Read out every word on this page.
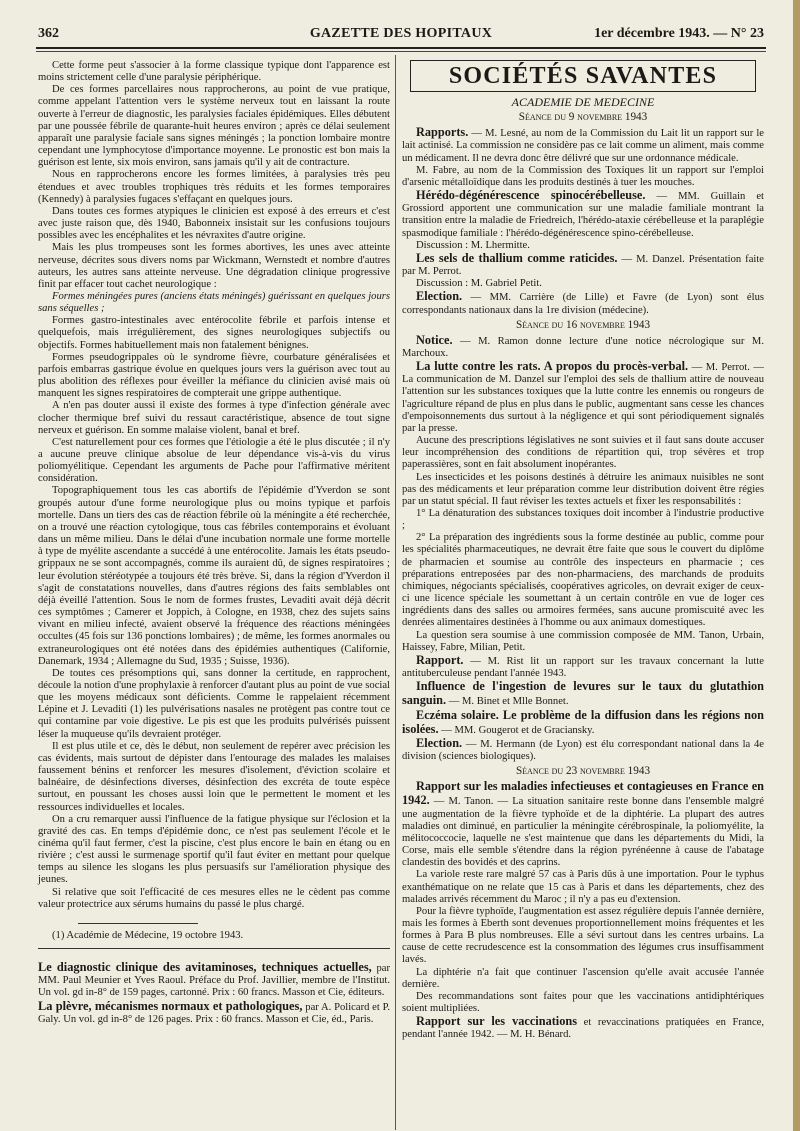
362	GAZETTE DES HOPITAUX	1er décembre 1943. — N° 23

Cette forme peut s'associer à la forme classique typique dont l'apparence est moins strictement celle d'une paralysie périphérique.

De ces formes parcellaires nous rapprocherons, au point de vue pratique, comme appelant l'attention vers le système nerveux tout en laissant la route ouverte à l'erreur de diagnostic, les paralysies faciales épidémiques. Elles débutent par une poussée fébrile de quarante-huit heures environ ; après ce délai seulement apparaît une paralysie faciale sans signes méningés ; la ponction lombaire montre cependant une lymphocytose d'importance moyenne. Le pronostic est bon mais la guérison est lente, six mois environ, sans jamais qu'il y ait de contracture.

Nous en rapprocherons encore les formes limitées, à paralysies très peu étendues et avec troubles trophiques très réduits et les formes temporaires (Kennedy) à paralysies fugaces s'effaçant en quelques jours.

Dans toutes ces formes atypiques le clinicien est exposé à des erreurs et c'est avec juste raison que, dès 1940, Babonneix insistait sur les confusions toujours possibles avec les encéphalites et les névraxites d'autre origine.

Mais les plus trompeuses sont les formes abortives, les unes avec atteinte nerveuse, décrites sous divers noms par Wickmann, Wernstedt et nombre d'autres auteurs, les autres sans atteinte nerveuse. Une dégradation clinique progressive finit par effacer tout cachet neurologique :

Formes méningées pures (anciens états méningés) guérissant en quelques jours sans séquelles ;

Formes gastro-intestinales avec entérocolite fébrile et parfois intense et quelquefois, mais irrégulièrement, des signes neurologiques subjectifs ou objectifs. Formes habituellement mais non fatalement bénignes.

Formes pseudogrippales où le syndrome fièvre, courbature généralisées et parfois embarras gastrique évolue en quelques jours vers la guérison avec tout au plus abolition des réflexes pour éveiller la méfiance du clinicien avisé mais où manquent les signes respiratoires de compterait une grippe authentique.

A n'en pas douter aussi il existe des formes à type d'infection générale avec clocher thermique bref suivi du ressaut caractéristique, absence de tout signe nerveux et guérison. En somme malaise violent, banal et bref.

C'est naturellement pour ces formes que l'étiologie a été le plus discutée ; il n'y a aucune preuve clinique absolue de leur dépendance vis-à-vis du virus poliomyélitique. Cependant les arguments de Pache pour l'affirmative méritent considération.

Topographiquement tous les cas abortifs de l'épidémie d'Yverdon se sont groupés autour d'une forme neurologique plus ou moins typique et parfois mortelle. Dans un tiers des cas de réaction fébrile où la méningite a été recherchée, on a trouvé une réaction cytologique, tous cas fébriles contemporains et évoluant dans un même milieu. Dans le délai d'une incubation normale une forme mortelle à type de myélite ascendante a succédé à une entérocolite. Jamais les états pseudo-grippaux ne se sont accompagnés, comme ils auraient dû, de signes respiratoires ; leur évolution stéréotypée a toujours été très brève. Si, dans la région d'Yverdon il s'agit de constatations nouvelles, dans d'autres régions des faits semblables ont déjà éveillé l'attention. Sous le nom de formes frustes, Levaditi avait déjà décrit ces symptômes ; Camerer et Joppich, à Cologne, en 1938, chez des sujets sains vivant en milieu infecté, avaient observé la fréquence des réactions méningées occultes (45 fois sur 136 ponctions lombaires) ; de même, les formes anormales ou extraneurologiques ont été notées dans des épidémies authentiques (Californie, Danemark, 1934 ; Allemagne du Sud, 1935 ; Suisse, 1936).

De toutes ces présomptions qui, sans donner la certitude, en rapprochent, découle la notion d'une prophylaxie à renforcer d'autant plus au point de vue social que les moyens médicaux sont déficients. Comme le rappelaient récemment Lépine et J. Levaditi (1) les pulvérisations nasales ne protègent pas contre tout ce qui contamine par voie digestive. Le pis est que les produits pulvérisés puissent léser la muqueuse qu'ils devraient protéger.

Il est plus utile et ce, dès le début, non seulement de repérer avec précision les cas évidents, mais surtout de dépister dans l'entourage des malades les malaises faussement bénins et renforcer les mesures d'isolement, d'éviction scolaire et balnéaire, de désinfections diverses, désinfection des excréta de toute espèce surtout, en poussant les choses aussi loin que le permettent le moment et les ressources individuelles et locales.

On a cru remarquer aussi l'influence de la fatigue physique sur l'éclosion et la gravité des cas. En temps d'épidémie donc, ce n'est pas seulement l'école et le cinéma qu'il faut fermer, c'est la piscine, c'est plus encore le bain en étang ou en rivière ; c'est aussi le surmenage sportif qu'il faut éviter en mettant pour quelque temps au silence les slogans les plus persuasifs sur l'amélioration physique des jeunes.

Si relative que soit l'efficacité de ces mesures elles ne le cèdent pas comme valeur protectrice aux sérums humains du passé le plus chargé.

(1) Académie de Médecine, 19 octobre 1943.

Le diagnostic clinique des avitaminoses, techniques actuelles, par MM. Paul Meunier et Yves Raoul. Préface du Prof. Javillier, membre de l'Institut. Un vol. gd in-8° de 159 pages, cartonné. Prix : 60 francs. Masson et Cie, éditeurs.

La plèvre, mécanismes normaux et pathologiques, par A. Policard et P. Galy. Un vol. gd in-8° de 126 pages. Prix : 60 francs. Masson et Cie, éd., Paris.

SOCIÉTÉS SAVANTES
ACADEMIE DE MEDECINE
Séance du 9 novembre 1943

Rapports. — M. Lesné, au nom de la Commission du Lait lit un rapport sur le lait actinisé. La commission ne considère pas ce lait comme un aliment, mais comme un médicament. Il ne devra donc être délivré que sur une ordonnance médicale.

M. Fabre, au nom de la Commission des Toxiques lit un rapport sur l'emploi d'arsenic métalloïdique dans les produits destinés à tuer les mouches.

Hérédo-dégénérescence spinocérébelleuse. — MM. Guillain et Grossiord apportent une communication sur une maladie familiale montrant la transition entre la maladie de Friedreich, l'hérédo-ataxie cérébelleuse et la paraplégie spasmodique familiale : l'hérédo-dégénérescence spino-cérébelleuse.

Discussion : M. Lhermitte.

Les sels de thallium comme raticides. — M. Danzel. Présentation faite par M. Perrot.

Discussion : M. Gabriel Petit.

Election. — MM. Carrière (de Lille) et Favre (de Lyon) sont élus correspondants nationaux dans la 1re division (médecine).

Séance du 16 novembre 1943

Notice. — M. Ramon donne lecture d'une notice nécrologique sur M. Marchoux.

La lutte contre les rats. A propos du procès-verbal. — M. Perrot. — La communication de M. Danzel sur l'emploi des sels de thallium attire de nouveau l'attention sur les substances toxiques que la lutte contre les ennemis ou rongeurs de l'agriculture répand de plus en plus dans le public, augmentant sans cesse les chances d'empoisonnements dus surtout à la négligence et qui sont périodiquement signalés par la presse.

Aucune des prescriptions législatives ne sont suivies et il faut sans doute accuser leur incompréhension des conditions de répartition qui, trop sévères et trop paperassières, sont en fait absolument inopérantes.

Les insecticides et les poisons destinés à détruire les animaux nuisibles ne sont pas des médicaments et leur préparation comme leur distribution doivent être régies par un statut spécial. Il faut réviser les textes actuels et fixer les responsabilités :

1° La dénaturation des substances toxiques doit incomber à l'industrie productive ;

2° La préparation des ingrédients sous la forme destinée au public, comme pour les spécialités pharmaceutiques, ne devrait être faite que sous le couvert du diplôme de pharmacien et soumise au contrôle des inspecteurs en pharmacie ; ces préparations entreposées par des non-pharmaciens, des marchands de produits chimiques, négociants spécialisés, coopératives agricoles, on devrait exiger de ceux-ci une licence spéciale les soumettant à un certain contrôle en vue de loger ces ingrédients dans des salles ou armoires fermées, sans aucune promiscuité avec les denrées alimentaires destinées à l'homme ou aux animaux domestiques.

La question sera soumise à une commission composée de MM. Tanon, Urbain, Haissey, Fabre, Milian, Petit.

Rapport. — M. Rist lit un rapport sur les travaux concernant la lutte antituberculeuse pendant l'année 1943.

Influence de l'ingestion de levures sur le taux du glutathion sanguin. — M. Binet et Mlle Bonnet.

Eczéma solaire. Le problème de la diffusion dans les régions non isolées. — MM. Gougerot et de Graciansky.

Election. — M. Hermann (de Lyon) est élu correspondant national dans la 4e division (sciences biologiques).

Séance du 23 novembre 1943

Rapport sur les maladies infectieuses et contagieuses en France en 1942. — M. Tanon. — La situation sanitaire reste bonne dans l'ensemble malgré une augmentation de la fièvre typhoïde et de la diphtérie. La plupart des autres maladies ont diminué, en particulier la méningite cérébrospinale, la poliomyélite, la mélitococcocie, laquelle ne s'est maintenue que dans les départements du Midi, la Corse, mais elle semble s'étendre dans la région pyrénéenne à cause de l'abatage clandestin des bovidés et des caprins.

La variole reste rare malgré 57 cas à Paris dûs à une importation. Pour le typhus exanthématique on ne relate que 15 cas à Paris et dans les départements, chez des malades arrivés récemment du Maroc ; il n'y a pas eu d'extension.

Pour la fièvre typhoïde, l'augmentation est assez régulière depuis l'année dernière, mais les formes à Eberth sont devenues proportionnellement moins fréquentes et les formes à Para B plus nombreuses. Elle a sévi surtout dans les centres urbains. La cause de cette recrudescence est la consommation des légumes crus insuffisamment lavés.

La diphtérie n'a fait que continuer l'ascension qu'elle avait accusée l'année dernière.

Des recommandations sont faites pour que les vaccinations antidiphtériques soient multipliées.

Rapport sur les vaccinations et revaccinations pratiquées en France, pendant l'année 1942. — M. H. Bénard.
